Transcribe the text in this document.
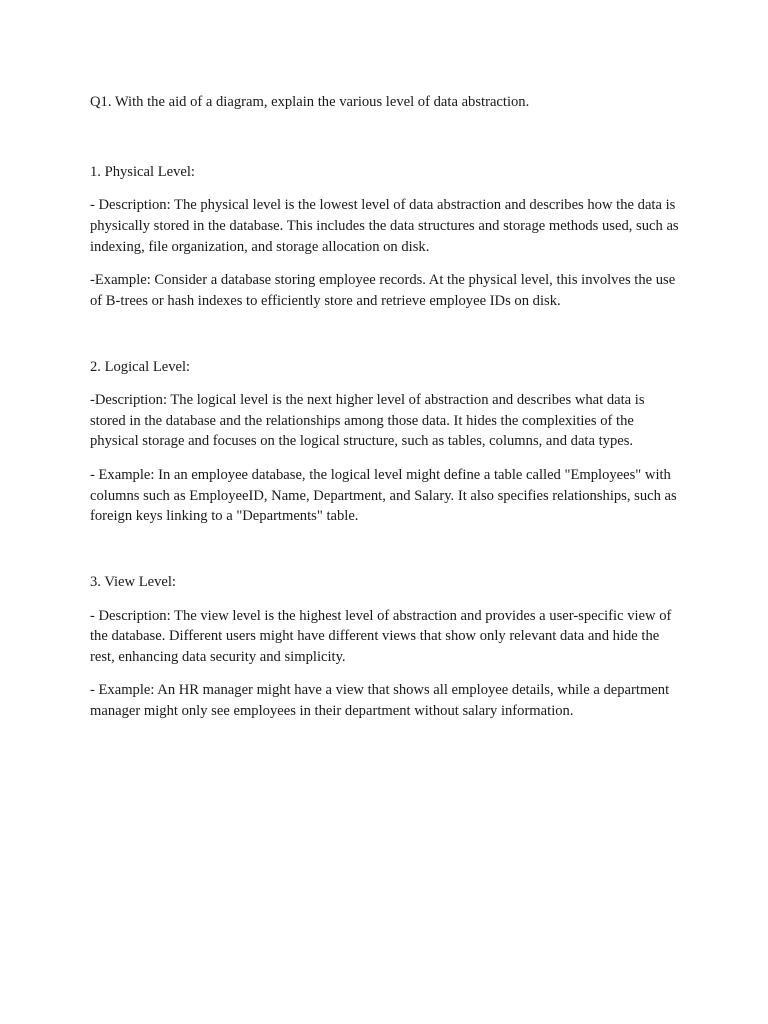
Q1. With the aid of a diagram, explain the various level of data abstraction.

1. Physical Level:

- Description: The physical level is the lowest level of data abstraction and describes how the data is physically stored in the database. This includes the data structures and storage methods used, such as indexing, file organization, and storage allocation on disk.

-Example: Consider a database storing employee records. At the physical level, this involves the use of B-trees or hash indexes to efficiently store and retrieve employee IDs on disk.

2. Logical Level:

-Description: The logical level is the next higher level of abstraction and describes what data is stored in the database and the relationships among those data. It hides the complexities of the physical storage and focuses on the logical structure, such as tables, columns, and data types.

- Example: In an employee database, the logical level might define a table called "Employees" with columns such as EmployeeID, Name, Department, and Salary. It also specifies relationships, such as foreign keys linking to a "Departments" table.

3. View Level:

- Description: The view level is the highest level of abstraction and provides a user-specific view of the database. Different users might have different views that show only relevant data and hide the rest, enhancing data security and simplicity.

- Example: An HR manager might have a view that shows all employee details, while a department manager might only see employees in their department without salary information.
